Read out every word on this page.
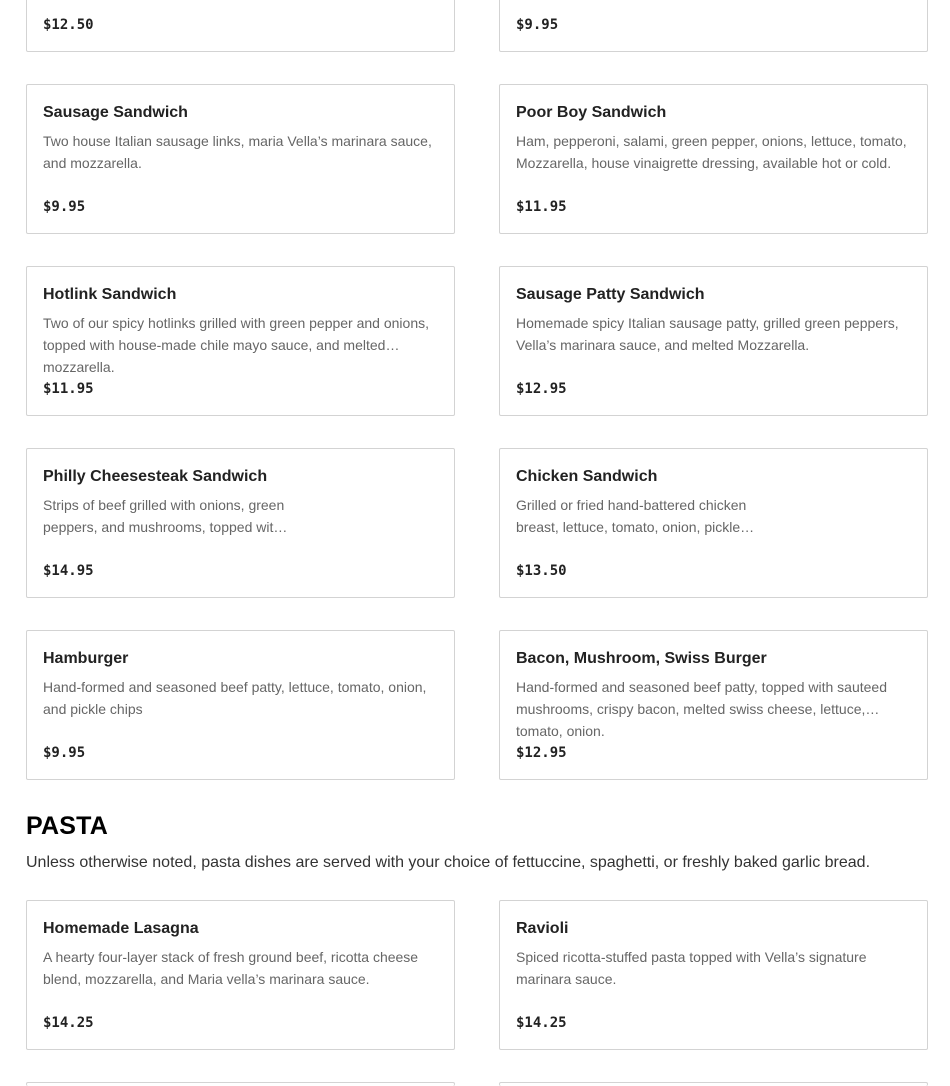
$12.50	$9.95
Sausage Sandwich
Two house Italian sausage links, maria Vella’s marinara sauce, and mozzarella.
$9.95
Poor Boy Sandwich
Ham, pepperoni, salami, green pepper, onions, lettuce, tomato, Mozzarella, house vinaigrette dressing, available hot or cold.
$11.95
Hotlink Sandwich
Two of our spicy hotlinks grilled with green pepper and onions, topped with house-made chile mayo sauce, and melted mozzarella.
$11.95
Sausage Patty Sandwich
Homemade spicy Italian sausage patty, grilled green peppers, Vella’s marinara sauce, and melted Mozzarella.
$12.95
Philly Cheesesteak Sandwich
Strips of beef grilled with onions, green peppers, and mushrooms, topped wit…
$14.95
Chicken Sandwich
Grilled or fried hand-battered chicken breast, lettuce, tomato, onion, pickle…
$13.50
Hamburger
Hand-formed and seasoned beef patty, lettuce, tomato, onion, and pickle chips
$9.95
Bacon, Mushroom, Swiss Burger
Hand-formed and seasoned beef patty, topped with sauteed mushrooms, crispy bacon, melted swiss cheese, lettuce, tomato, onion.
$12.95
PASTA
Unless otherwise noted, pasta dishes are served with your choice of fettuccine, spaghetti, or freshly baked garlic bread.
Homemade Lasagna
A hearty four-layer stack of fresh ground beef, ricotta cheese blend, mozzarella, and Maria vella’s marinara sauce.
$14.25
Ravioli
Spiced ricotta-stuffed pasta topped with Vella’s signature marinara sauce.
$14.25
